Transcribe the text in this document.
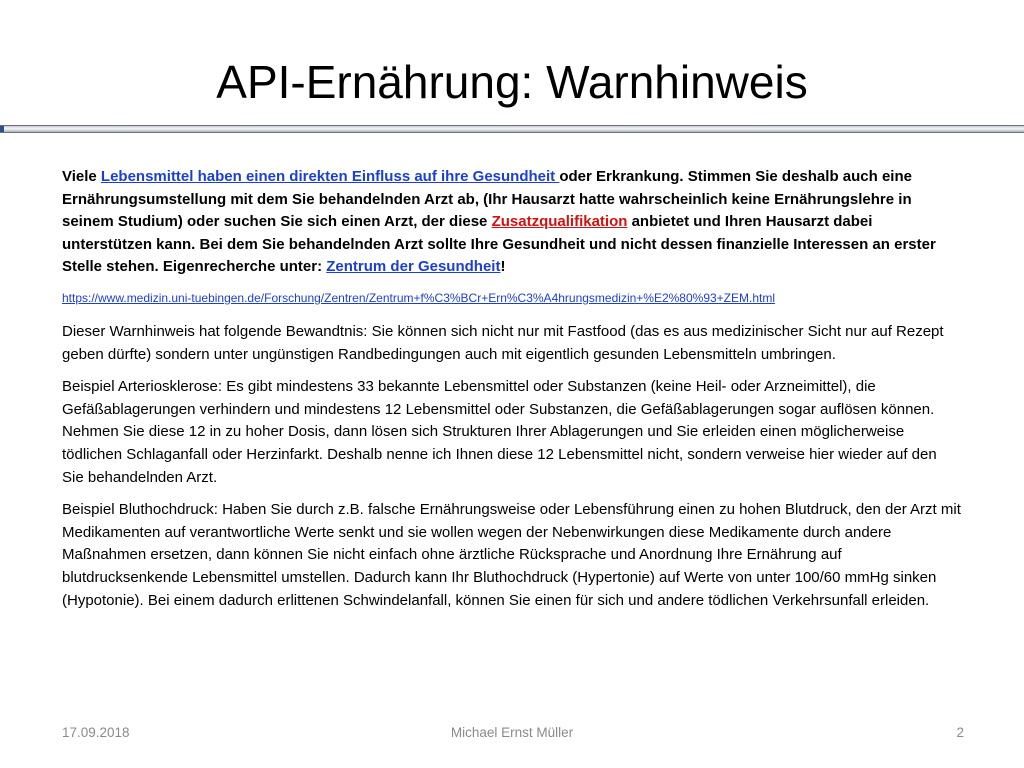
API-Ernährung: Warnhinweis

Viele Lebensmittel haben einen direkten Einfluss auf ihre Gesundheit oder Erkrankung. Stimmen Sie deshalb auch eine Ernährungsumstellung mit dem Sie behandelnden Arzt ab, (Ihr Hausarzt hatte wahrscheinlich keine Ernährungslehre in seinem Studium) oder suchen Sie sich einen Arzt, der diese Zusatzqualifikation anbietet und Ihren Hausarzt dabei unterstützen kann. Bei dem Sie behandelnden Arzt sollte Ihre Gesundheit und nicht dessen finanzielle Interessen an erster Stelle stehen. Eigenrecherche unter: Zentrum der Gesundheit!

https://www.medizin.uni-tuebingen.de/Forschung/Zentren/Zentrum+f%C3%BCr+Ern%C3%A4hrungsmedizin+%E2%80%93+ZEM.html

Dieser Warnhinweis hat folgende Bewandtnis: Sie können sich nicht nur mit Fastfood (das es aus medizinischer Sicht nur auf Rezept geben dürfte) sondern unter ungünstigen Randbedingungen auch mit eigentlich gesunden Lebensmitteln umbringen.

Beispiel Arteriosklerose: Es gibt mindestens 33 bekannte Lebensmittel oder Substanzen (keine Heil- oder Arzneimittel), die Gefäßablagerungen verhindern und mindestens 12 Lebensmittel oder Substanzen, die Gefäßablagerungen sogar auflösen können. Nehmen Sie diese 12 in zu hoher Dosis, dann lösen sich Strukturen Ihrer Ablagerungen und Sie erleiden einen möglicherweise tödlichen Schlaganfall oder Herzinfarkt. Deshalb nenne ich Ihnen diese 12 Lebensmittel nicht, sondern verweise hier wieder auf den Sie behandelnden Arzt.

Beispiel Bluthochdruck: Haben Sie durch z.B. falsche Ernährungsweise oder Lebensführung einen zu hohen Blutdruck, den der Arzt mit Medikamenten auf verantwortliche Werte senkt und sie wollen wegen der Nebenwirkungen diese Medikamente durch andere Maßnahmen ersetzen, dann können Sie nicht einfach ohne ärztliche Rücksprache und Anordnung Ihre Ernährung auf blutdrucksenkende Lebensmittel umstellen. Dadurch kann Ihr Bluthochdruck (Hypertonie) auf Werte von unter 100/60 mmHg sinken (Hypotonie). Bei einem dadurch erlittenen Schwindelanfall, können Sie einen für sich und andere tödlichen Verkehrsunfall erleiden.

17.09.2018	Michael Ernst Müller	2
